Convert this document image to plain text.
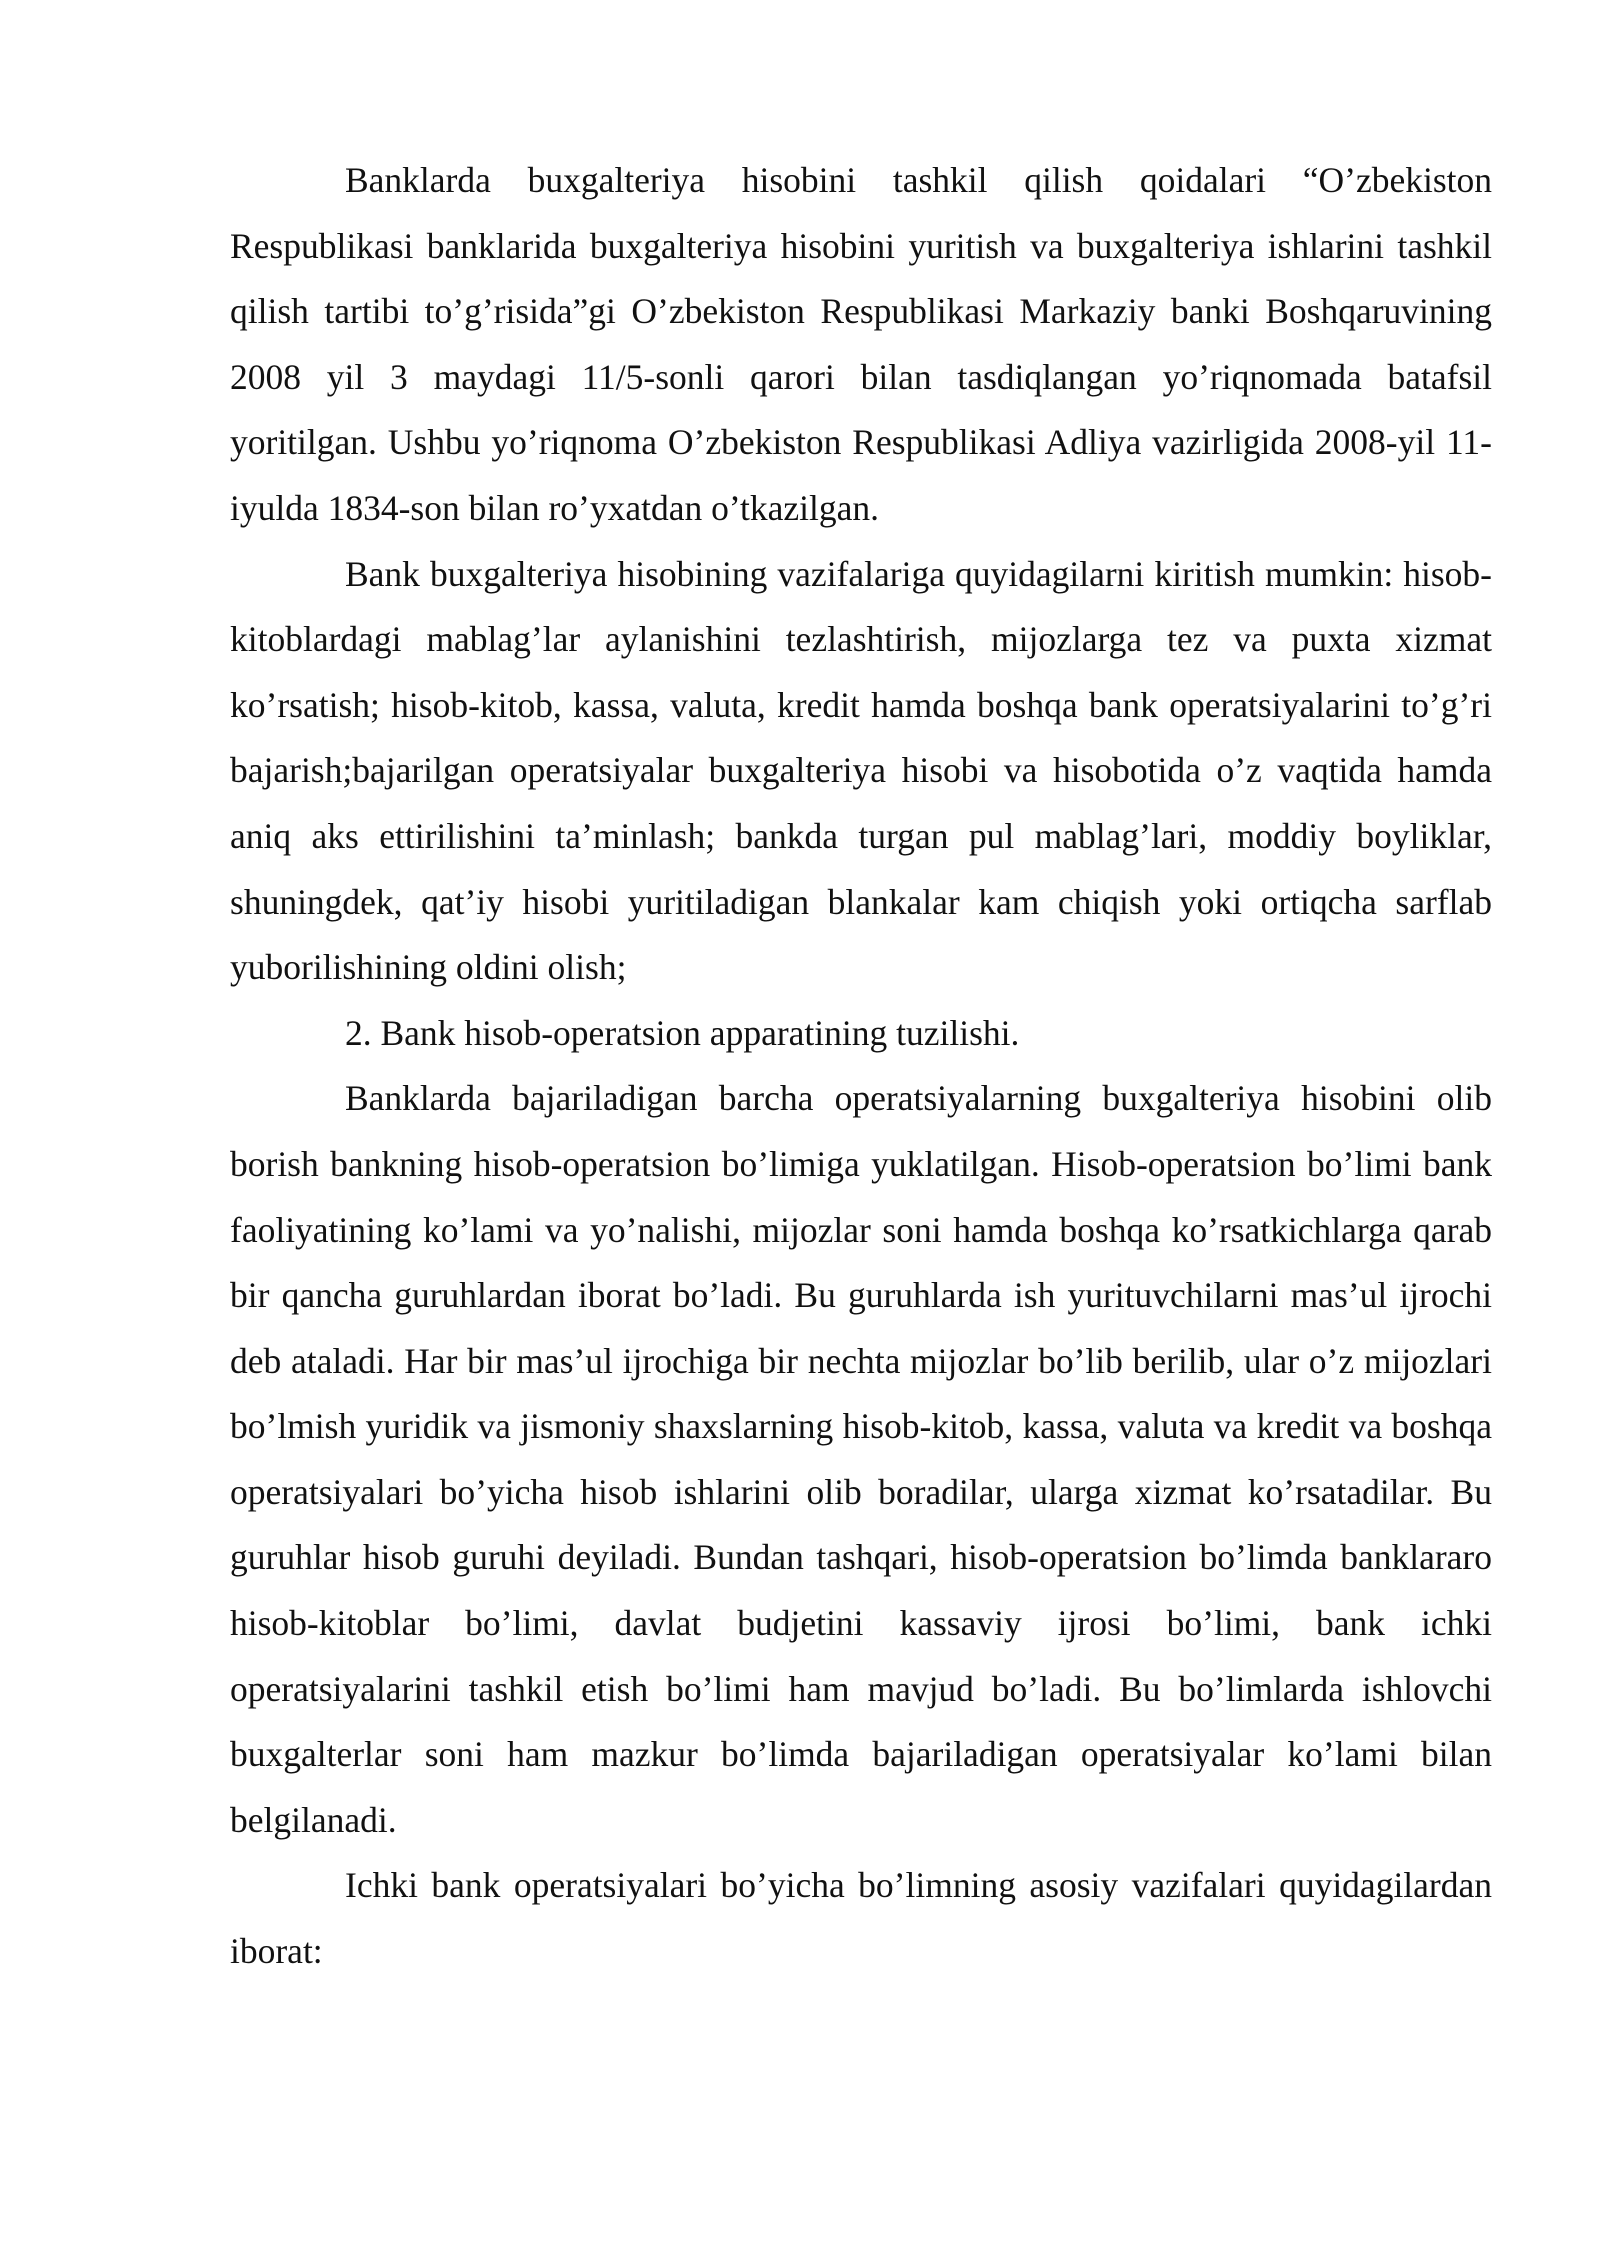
Banklarda buxgalteriya hisobini tashkil qilish qoidalari “O’zbekiston Respublikasi banklarida buxgalteriya hisobini yuritish va buxgalteriya ishlarini tashkil qilish tartibi to’g’risida”gi O’zbekiston Respublikasi Markaziy banki Boshqaruvining 2008 yil 3 maydagi 11/5-sonli qarori bilan tasdiqlangan yo’riqnomada batafsil yoritilgan. Ushbu yo’riqnoma O’zbekiston Respublikasi Adliya vazirligida 2008-yil 11-iyulda 1834-son bilan ro’yxatdan o’tkazilgan.

Bank buxgalteriya hisobining vazifalariga quyidagilarni kiritish mumkin: hisob-kitoblardagi mablag’lar aylanishini tezlashtirish, mijozlarga tez va puxta xizmat ko’rsatish; hisob-kitob, kassa, valuta, kredit hamda boshqa bank operatsiyalarini to’g’ri bajarish;bajarilgan operatsiyalar buxgalteriya hisobi va hisobotida o’z vaqtida hamda aniq aks ettirilishini ta’minlash; bankda turgan pul mablag’lari, moddiy boyliklar, shuningdek, qat’iy hisobi yuritiladigan blankalar kam chiqish yoki ortiqcha sarflab yuborilishining oldini olish;

2. Bank hisob-operatsion apparatining tuzilishi.

Banklarda bajariladigan barcha operatsiyalarning buxgalteriya hisobini olib borish bankning hisob-operatsion bo’limiga yuklatilgan. Hisob-operatsion bo’limi bank faoliyatining ko’lami va yo’nalishi, mijozlar soni hamda boshqa ko’rsatkichlarga qarab bir qancha guruhlardan iborat bo’ladi. Bu guruhlarda ish yurituvchilarni mas’ul ijrochi deb ataladi. Har bir mas’ul ijrochiga bir nechta mijozlar bo’lib berilib, ular o’z mijozlari bo’lmish yuridik va jismoniy shaxslarning hisob-kitob, kassa, valuta va kredit va boshqa operatsiyalari bo’yicha hisob ishlarini olib boradilar, ularga xizmat ko’rsatadilar. Bu guruhlar hisob guruhi deyiladi. Bundan tashqari, hisob-operatsion bo’limda banklararo hisob-kitoblar bo’limi, davlat budjetini kassaviy ijrosi bo’limi, bank ichki operatsiyalarini tashkil etish bo’limi ham mavjud bo’ladi. Bu bo’limlarda ishlovchi buxgalterlar soni ham mazkur bo’limda bajariladigan operatsiyalar ko’lami bilan belgilanadi.

Ichki bank operatsiyalari bo’yicha bo’limning asosiy vazifalari quyidagilardan iborat:
